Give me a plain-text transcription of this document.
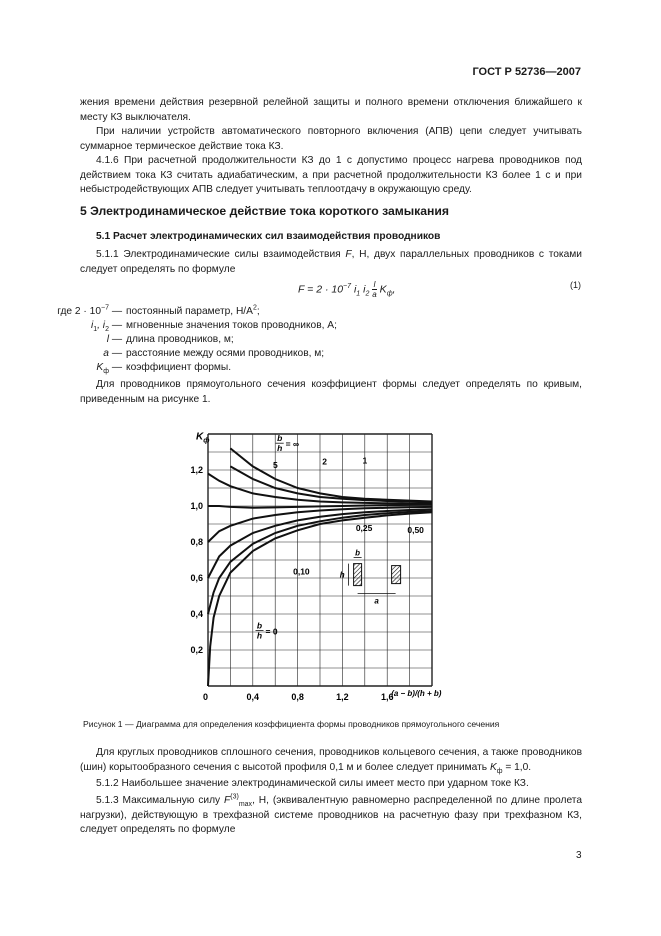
ГОСТ Р 52736—2007
жения времени действия резервной релейной защиты и полного времени отключения ближайшего к месту КЗ выключателя.
При наличии устройств автоматического повторного включения (АПВ) цепи следует учитывать суммарное термическое действие тока КЗ.
4.1.6 При расчетной продолжительности КЗ до 1 с допустимо процесс нагрева проводников под действием тока КЗ считать адиабатическим, а при расчетной продолжительности КЗ более 1 с и при небыстродействующих АПВ следует учитывать теплоотдачу в окружающую среду.
5 Электродинамическое действие тока короткого замыкания
5.1 Расчет электродинамических сил взаимодействия проводников
5.1.1 Электродинамические силы взаимодействия F, Н, двух параллельных проводников с токами следует определять по формуле
$F = 2 \cdot 10^{-7}$ $i_1$ $i_2 \frac{l}{a} K_ф$,	(1)
где $2 \cdot 10^{-7}$ — постоянный параметр, $Н/А^2$;
$i_1$, $i_2$ — мгновенные значения токов проводников, А;
l — длина проводников, м;
a — расстояние между осями проводников, м;
$K_ф$ — коэффициент формы.
Для проводников прямоугольного сечения коэффициент формы следует определять по кривым, приведенным на рисунке 1.
0	0,4	0,8	1,2	1,6
0,2
0,4
0,6
0,8
1,0
1,2
$K_ф$
(a − b)/(h + b)
5	2	1
0,50
0,25
0,10
b
h = ∞
b
h = 0
b
h
a
Рисунок 1 — Диаграмма для определения коэффициента формы проводников прямоугольного сечения
Для круглых проводников сплошного сечения, проводников кольцевого сечения, а также проводников (шин) корытообразного сечения с высотой профиля 0,1 м и более следует принимать $K_ф = 1,0$.
5.1.2 Наибольшее значение электродинамической силы имеет место при ударном токе КЗ.
5.1.3 Максимальную силу $F^{(3)}_{max}$, Н, (эквивалентную равномерно распределенной по длине пролета нагрузки), действующую в трехфазной системе проводников на расчетную фазу при трехфазном КЗ, следует определять по формуле
3
